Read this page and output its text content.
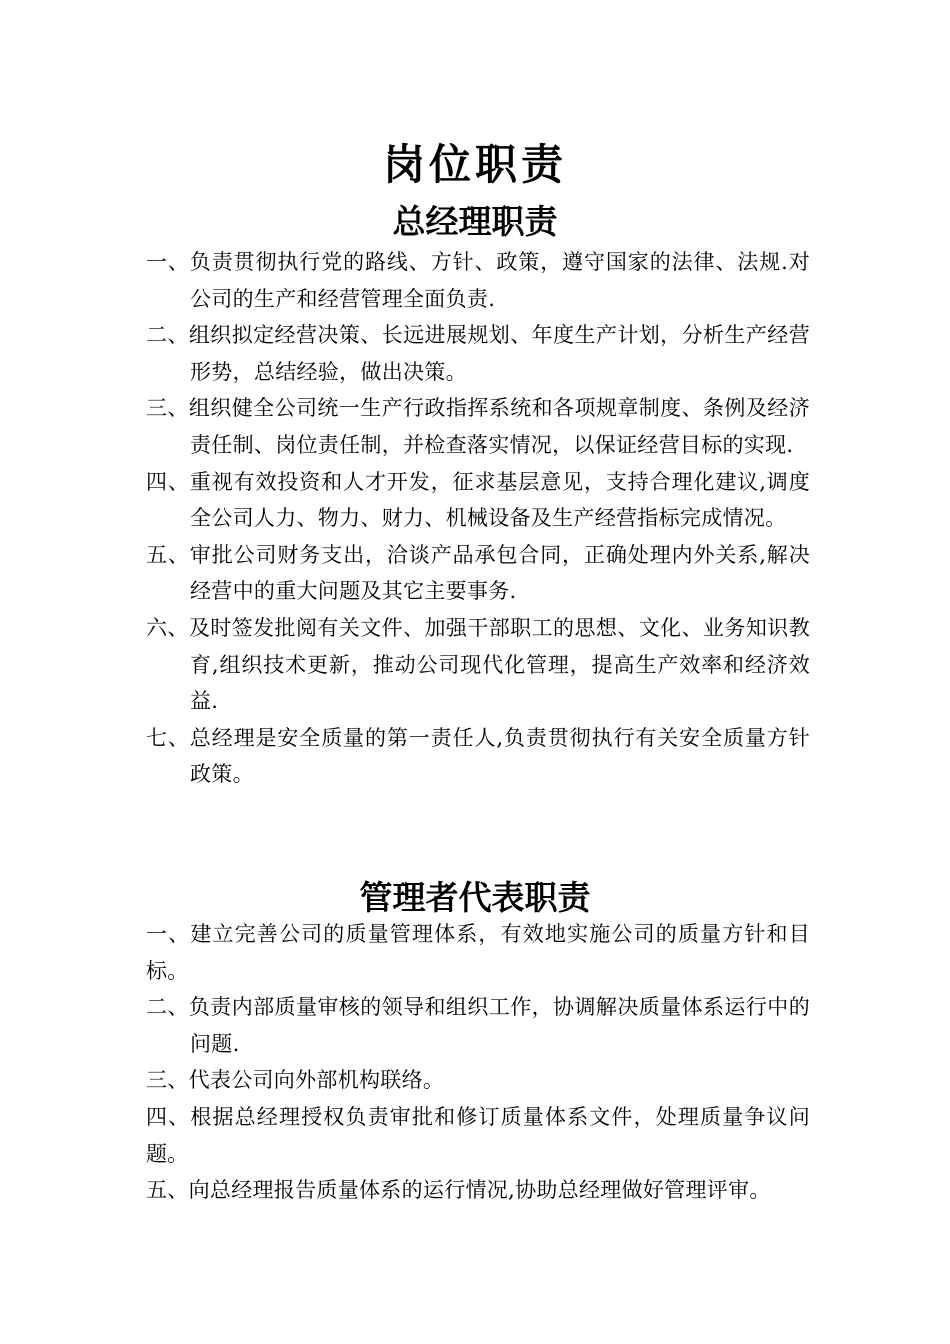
岗位职责
总经理职责
一、负责贯彻执行党的路线、方针、政策，遵守国家的法律、法规.对公司的生产和经营管理全面负责.
二、组织拟定经营决策、长远进展规划、年度生产计划，分析生产经营形势，总结经验，做出决策。
三、组织健全公司统一生产行政指挥系统和各项规章制度、条例及经济责任制、岗位责任制，并检查落实情况，以保证经营目标的实现.
四、重视有效投资和人才开发，征求基层意见，支持合理化建议,调度全公司人力、物力、财力、机械设备及生产经营指标完成情况。
五、审批公司财务支出，洽谈产品承包合同，正确处理内外关系,解决经营中的重大问题及其它主要事务.
六、及时签发批阅有关文件、加强干部职工的思想、文化、业务知识教育,组织技术更新，推动公司现代化管理，提高生产效率和经济效益.
七、总经理是安全质量的第一责任人,负责贯彻执行有关安全质量方针政策。
管理者代表职责
一、建立完善公司的质量管理体系，有效地实施公司的质量方针和目标。
二、负责内部质量审核的领导和组织工作，协调解决质量体系运行中的问题.
三、代表公司向外部机构联络。
四、根据总经理授权负责审批和修订质量体系文件，处理质量争议问题。
五、向总经理报告质量体系的运行情况,协助总经理做好管理评审。
